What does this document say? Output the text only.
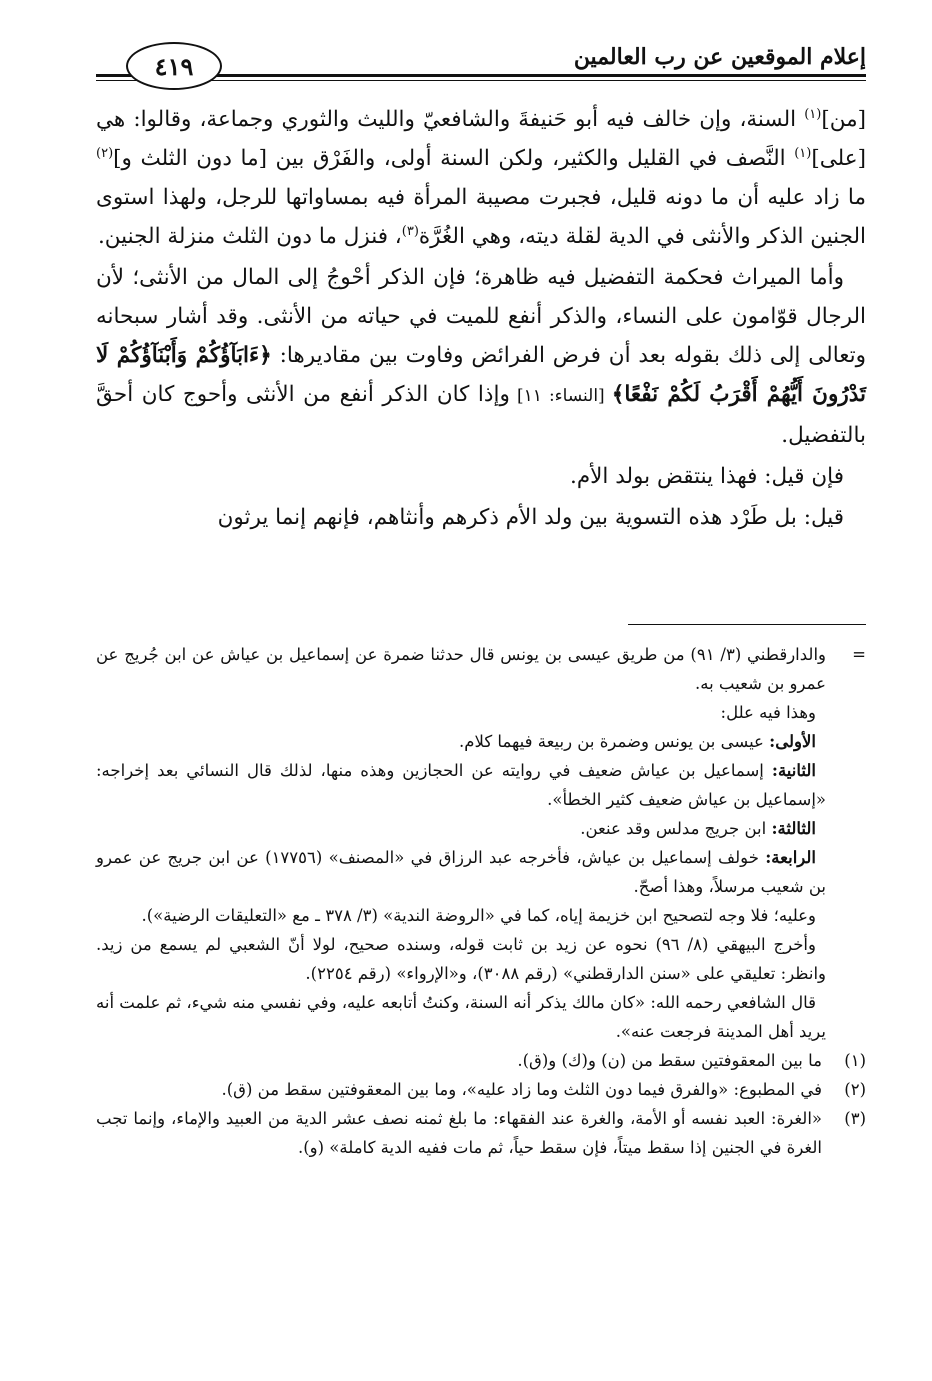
إعلام الموقعين عن رب العالمين
٤١٩

[من]$^{(١)}$ السنة، وإن خالف فيه أبو حَنيفةَ والشافعيّ والليث والثوري وجماعة، وقالوا: هي [على]$^{(١)}$ النَّصف في القليل والكثير، ولكن السنة أولى، والفَرْق بين [ما دون الثلث و]$^{(٢)}$ ما زاد عليه أن ما دونه قليل، فجبرت مصيبة المرأة فيه بمساواتها للرجل، ولهذا استوى الجنين الذكر والأنثى في الدية لقلة ديته، وهي الغُرَّة$^{(٣)}$، فنزل ما دون الثلث منزلة الجنين.

وأما الميراث فحكمة التفضيل فيه ظاهرة؛ فإن الذكر أحْوجُ إلى المال من الأنثى؛ لأن الرجال قوّامون على النساء، والذكر أنفع للميت في حياته من الأنثى. وقد أشار سبحانه وتعالى إلى ذلك بقوله بعد أن فرض الفرائض وفاوت بين مقاديرها: ﴿ءَابَآؤُكُمْ وَأَبْنَآؤُكُمْ لَا تَدْرُونَ أَيُّهُمْ أَقْرَبُ لَكُمْ نَفْعًا﴾ [النساء: ١١] وإذا كان الذكر أنفع من الأنثى وأحوج كان أحقَّ بالتفضيل.

فإن قيل: فهذا ينتقض بولد الأم.

قيل: بل طَرْد هذه التسوية بين ولد الأم ذكرهم وأنثاهم، فإنهم إنما يرثون

=
والدارقطني (٣/ ٩١) من طريق عيسى بن يونس قال حدثنا ضمرة عن إسماعيل بن عياش عن ابن جُريج عن عمرو بن شعيب به.

وهذا فيه علل:

الأولى: عيسى بن يونس وضمرة بن ربيعة فيهما كلام.

الثانية: إسماعيل بن عياش ضعيف في روايته عن الحجازين وهذه منها، لذلك قال النسائي بعد إخراجه: «إسماعيل بن عياش ضعيف كثير الخطأ».

الثالثة: ابن جريج مدلس وقد عنعن.

الرابعة: خولف إسماعيل بن عياش، فأخرجه عبد الرزاق في «المصنف» (١٧٧٥٦) عن ابن جريج عن عمرو بن شعيب مرسلاً، وهذا أصحّ.

وعليه؛ فلا وجه لتصحيح ابن خزيمة إياه، كما في «الروضة الندية» (٣/ ٣٧٨ ـ مع «التعليقات الرضية»).

وأخرج البيهقي (٨/ ٩٦) نحوه عن زيد بن ثابت قوله، وسنده صحيح، لولا أنّ الشعبي لم يسمع من زيد. وانظر: تعليقي على «سنن الدارقطني» (رقم ٣٠٨٨)، و«الإرواء» (رقم ٢٢٥٤).

قال الشافعي رحمه الله: «كان مالك يذكر أنه السنة، وكنتُ أتابعه عليه، وفي نفسي منه شيء، ثم علمت أنه يريد أهل المدينة فرجعت عنه».

(١)
ما بين المعقوفتين سقط من (ن) و(ك) و(ق).

(٢)
في المطبوع: «والفرق فيما دون الثلث وما زاد عليه»، وما بين المعقوفتين سقط من (ق).

(٣)
«الغرة: العبد نفسه أو الأمة، والغرة عند الفقهاء: ما بلغ ثمنه نصف عشر الدية من العبيد والإماء، وإنما تجب الغرة في الجنين إذا سقط ميتاً، فإن سقط حياً، ثم مات ففيه الدية كاملة» (و).
